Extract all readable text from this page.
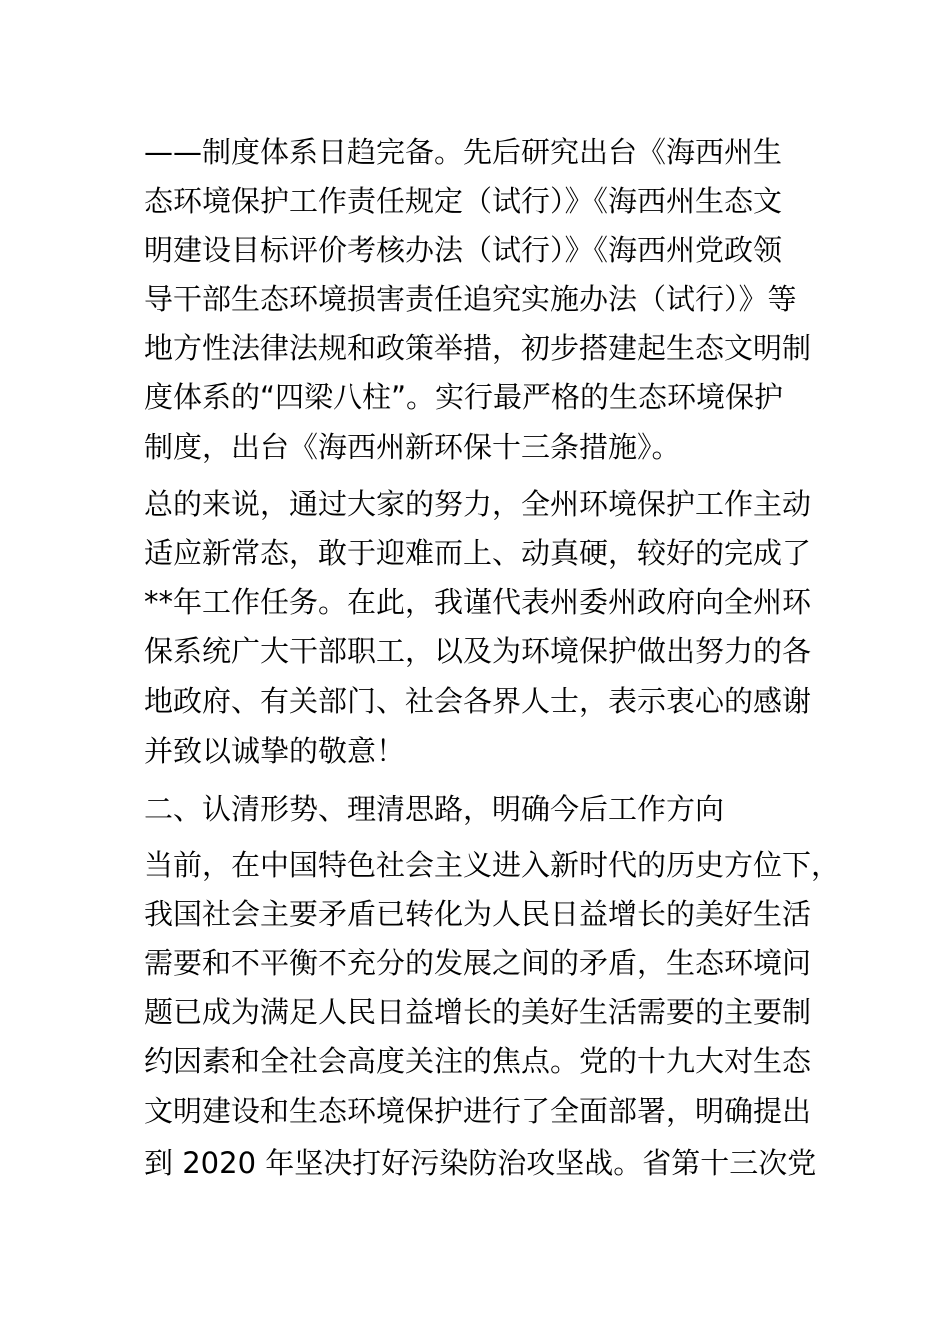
——制度体系日趋完备。先后研究出台《海西州生
态环境保护工作责任规定（试行）》《海西州生态文
明建设目标评价考核办法（试行）》《海西州党政领
导干部生态环境损害责任追究实施办法（试行）》等
地方性法律法规和政策举措，初步搭建起生态文明制
度体系的“四梁八柱”。实行最严格的生态环境保护
制度，出台《海西州新环保十三条措施》。
总的来说，通过大家的努力，全州环境保护工作主动
适应新常态，敢于迎难而上、动真硬，较好的完成了
**年工作任务。在此，我谨代表州委州政府向全州环
保系统广大干部职工，以及为环境保护做出努力的各
地政府、有关部门、社会各界人士，表示衷心的感谢
并致以诚挚的敬意！
二、认清形势、理清思路，明确今后工作方向
当前，在中国特色社会主义进入新时代的历史方位下，
我国社会主要矛盾已转化为人民日益增长的美好生活
需要和不平衡不充分的发展之间的矛盾，生态环境问
题已成为满足人民日益增长的美好生活需要的主要制
约因素和全社会高度关注的焦点。党的十九大对生态
文明建设和生态环境保护进行了全面部署，明确提出
到 2020 年坚决打好污染防治攻坚战。省第十三次党
